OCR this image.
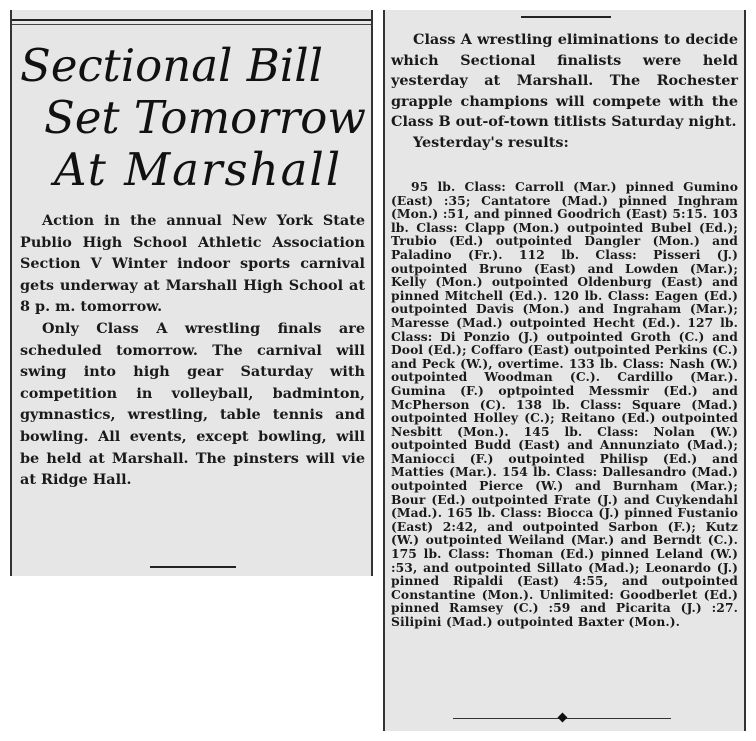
Sectional Bill
Set Tomorrow
At Marshall

Action in the annual New York State Publio High School Athletic Association Section V Winter indoor sports carnival gets underway at Marshall High School at 8 p. m. tomorrow.

Only Class A wrestling finals are scheduled tomorrow. The carnival will swing into high gear Saturday with competition in volleyball, badminton, gymnastics, wrestling, table tennis and bowling. All events, except bowling, will be held at Marshall. The pinsters will vie at Ridge Hall.

Class A wrestling eliminations to decide which Sectional finalists were held yesterday at Marshall. The Rochester grapple champions will compete with the Class B out-of-town titlists Saturday night.

Yesterday's results:

95 lb. Class: Carroll (Mar.) pinned Gumino (East) :35; Cantatore (Mad.) pinned Inghram (Mon.) :51, and pinned Goodrich (East) 5:15. 103 lb. Class: Clapp (Mon.) outpointed Bubel (Ed.); Trubio (Ed.) outpointed Dangler (Mon.) and Paladino (Fr.). 112 lb. Class: Pisseri (J.) outpointed Bruno (East) and Lowden (Mar.); Kelly (Mon.) outpointed Oldenburg (East) and pinned Mitchell (Ed.). 120 lb. Class: Eagen (Ed.) outpointed Davis (Mon.) and Ingraham (Mar.); Maresse (Mad.) outpointed Hecht (Ed.). 127 lb. Class: Di Ponzio (J.) outpointed Groth (C.) and Dool (Ed.); Coffaro (East) outpointed Perkins (C.) and Peck (W.), overtime. 133 lb. Class: Nash (W.) outpointed Woodman (C.). Cardillo (Mar.). Gumina (F.) optpointed Messmir (Ed.) and McPherson (C). 138 lb. Class: Square (Mad.) outpointed Holley (C.); Reitano (Ed.) outpointed Nesbitt (Mon.). 145 lb. Class: Nolan (W.) outpointed Budd (East) and Annunziato (Mad.); Maniocci (F.) outpointed Philisp (Ed.) and Matties (Mar.). 154 lb. Class: Dallesandro (Mad.) outpointed Pierce (W.) and Burnham (Mar.); Bour (Ed.) outpointed Frate (J.) and Cuykendahl (Mad.). 165 lb. Class: Biocca (J.) pinned Fustanio (East) 2:42, and outpointed Sarbon (F.); Kutz (W.) outpointed Weiland (Mar.) and Berndt (C.). 175 lb. Class: Thoman (Ed.) pinned Leland (W.) :53, and outpointed Sillato (Mad.); Leonardo (J.) pinned Ripaldi (East) 4:55, and outpointed Constantine (Mon.). Unlimited: Goodberlet (Ed.) pinned Ramsey (C.) :59 and Picarita (J.) :27. Silipini (Mad.) outpointed Baxter (Mon.).
